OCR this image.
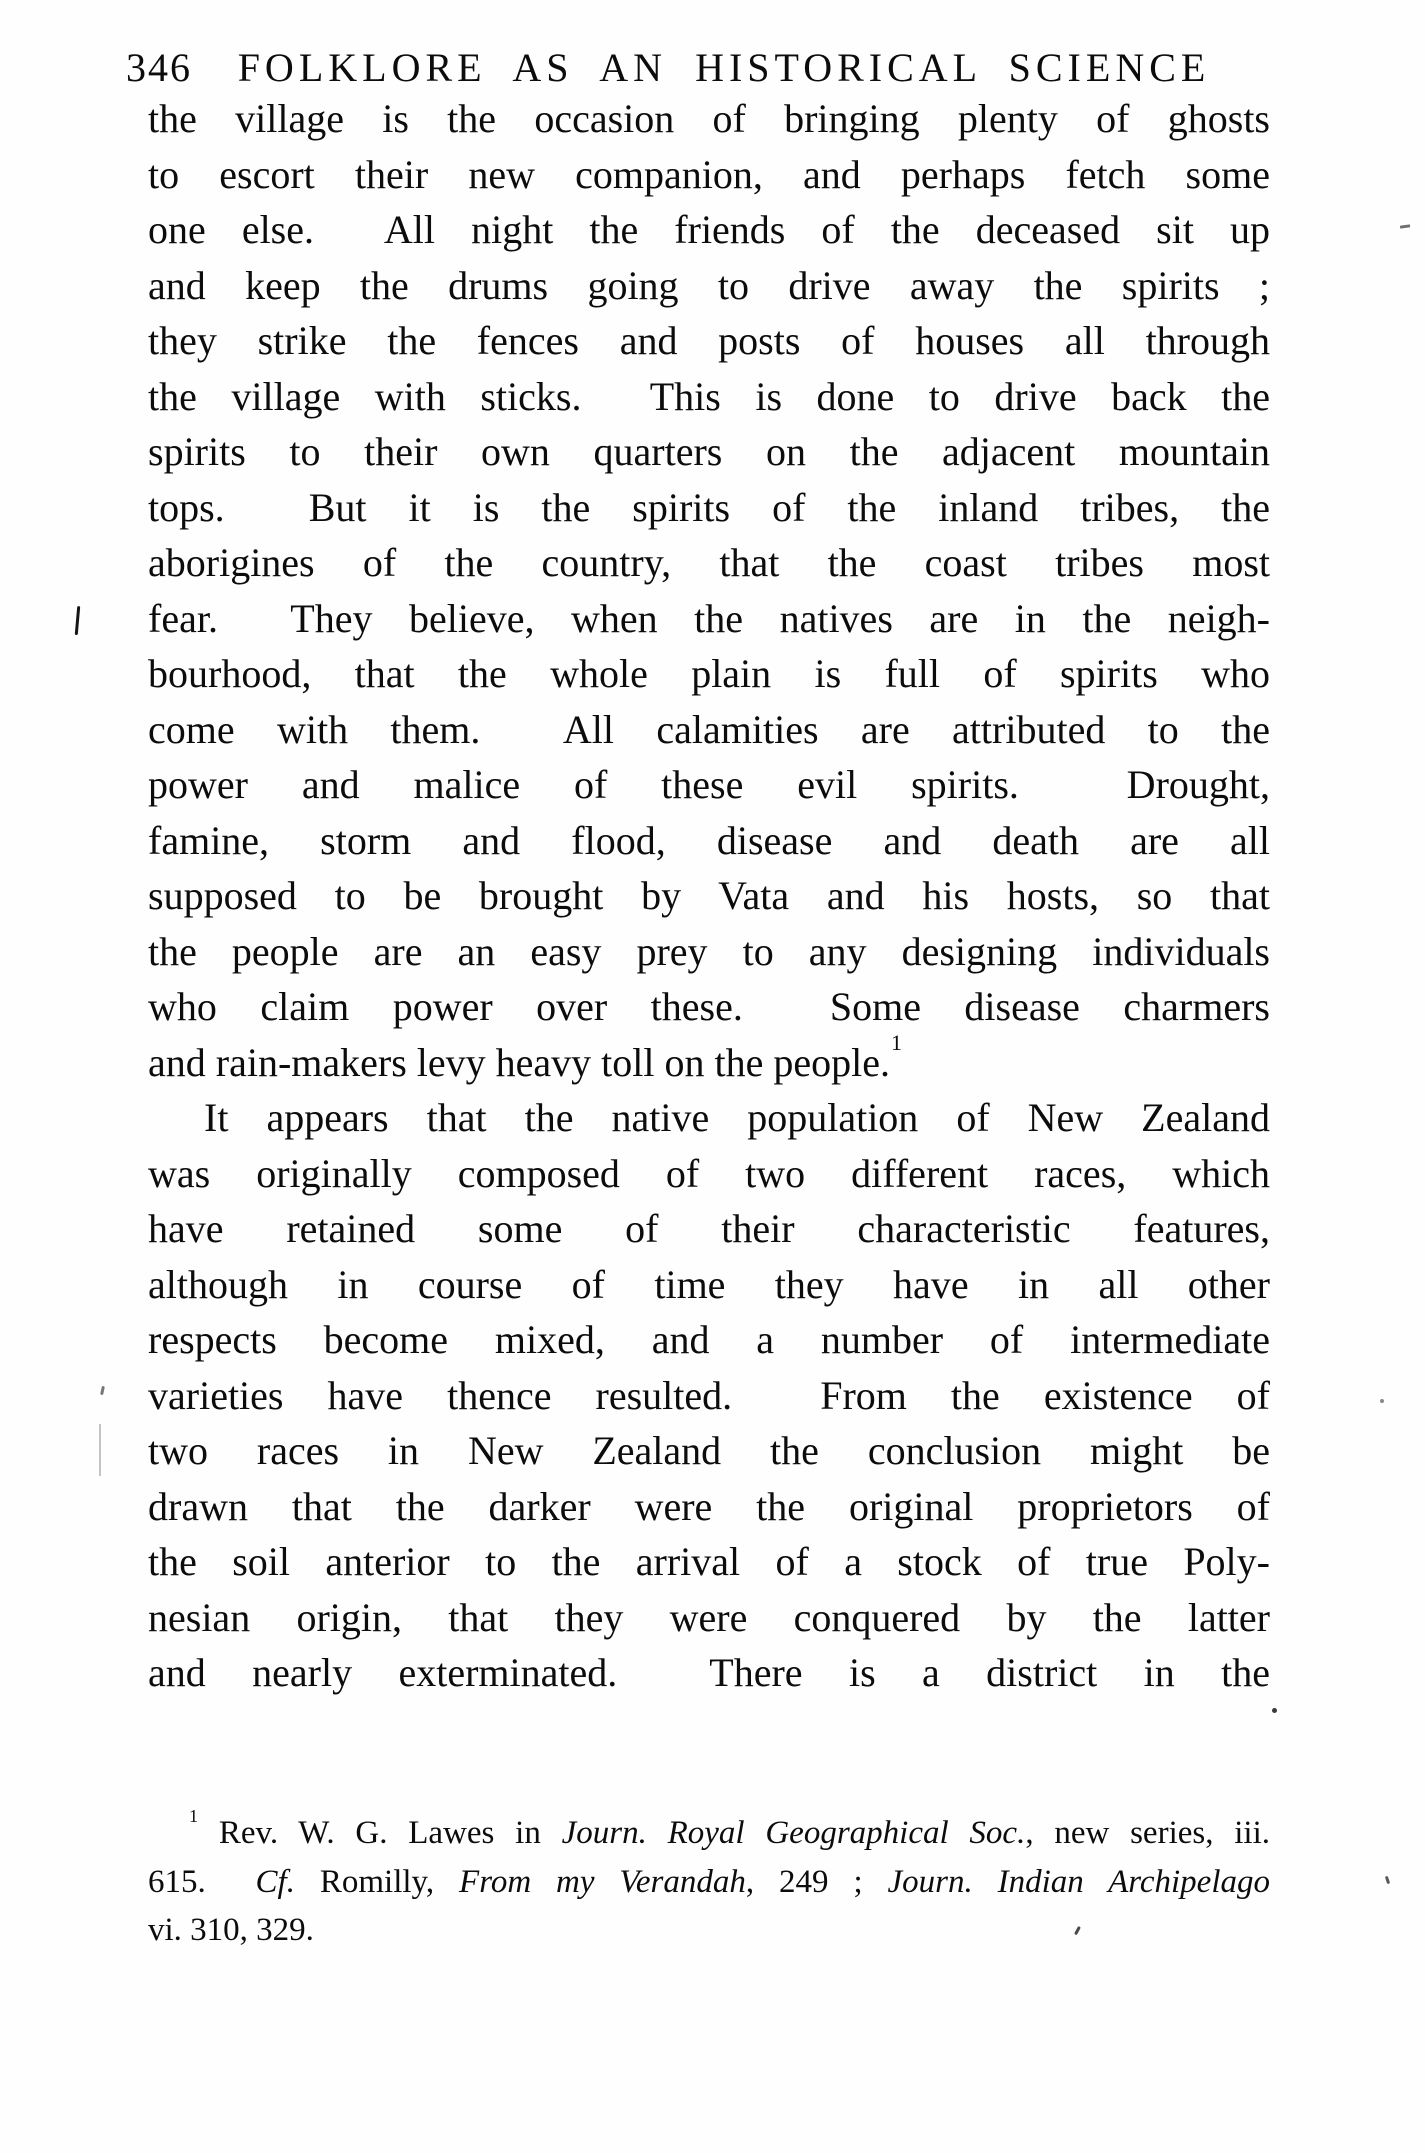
346	FOLKLORE AS AN HISTORICAL SCIENCE
the village is the occasion of bringing plenty of ghosts
to escort their new companion, and perhaps fetch some
one else.  All night the friends of the deceased sit up
and keep the drums going to drive away the spirits ;
they strike the fences and posts of houses all through
the village with sticks.  This is done to drive back the
spirits to their own quarters on the adjacent mountain
tops.  But it is the spirits of the inland tribes, the
aborigines of the country, that the coast tribes most
fear.  They believe, when the natives are in the neigh-
bourhood, that the whole plain is full of spirits who
come with them.  All calamities are attributed to the
power and malice of these evil spirits.  Drought,
famine, storm and flood, disease and death are all
supposed to be brought by Vata and his hosts, so that
the people are an easy prey to any designing individuals
who claim power over these.  Some disease charmers
and rain-makers levy heavy toll on the people.$^1$
It appears that the native population of New Zealand
was originally composed of two different races, which
have retained some of their characteristic features,
although in course of time they have in all other
respects become mixed, and a number of intermediate
varieties have thence resulted.  From the existence of
two races in New Zealand the conclusion might be
drawn that the darker were the original proprietors of
the soil anterior to the arrival of a stock of true Poly-
nesian origin, that they were conquered by the latter
and nearly exterminated.  There is a district in the
$^1$ Rev. W. G. Lawes in Journ. Royal Geographical Soc., new series, iii.
615.  Cf. Romilly, From my Verandah, 249 ; Journ. Indian Archipelago
vi. 310, 329.
